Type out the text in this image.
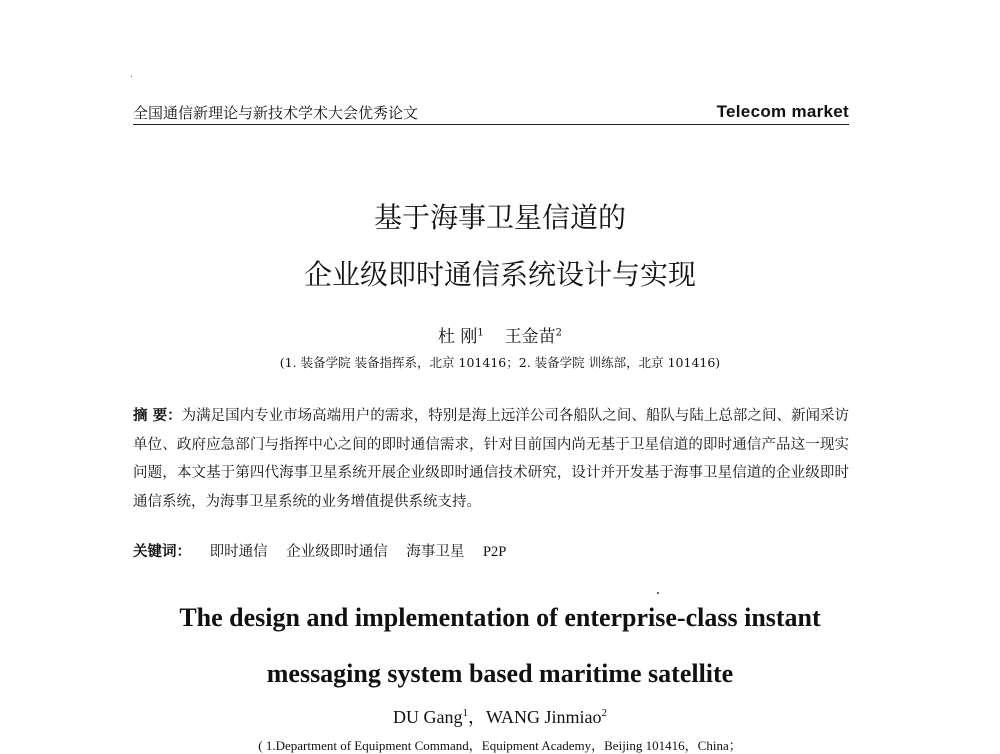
全国通信新理论与新技术学术大会优秀论文	Telecom market
基于海事卫星信道的
企业级即时通信系统设计与实现
杜 刚$^1$ 王金苗$^2$
(1. 装备学院 装备指挥系，北京 101416；2. 装备学院 训练部，北京 101416)
摘 要：为满足国内专业市场高端用户的需求，特别是海上远洋公司各船队之间、船队与陆上总部之间、新闻采访单位、政府应急部门与指挥中心之间的即时通信需求，针对目前国内尚无基于卫星信道的即时通信产品这一现实问题，本文基于第四代海事卫星系统开展企业级即时通信技术研究，设计并开发基于海事卫星信道的企业级即时通信系统，为海事卫星系统的业务增值提供系统支持。
关键词： 即时通信 企业级即时通信 海事卫星 P2P
The design and implementation of enterprise-class instant
messaging system based maritime satellite
DU Gang$^1$，WANG Jinmiao$^2$
( 1.Department of Equipment Command，Equipment Academy，Beijing 101416，China；
